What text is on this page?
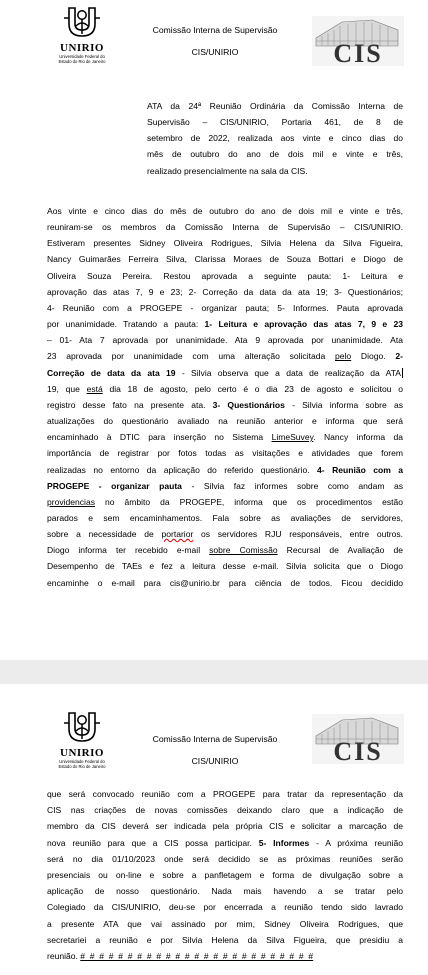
UNIRIO
Universidade Federal do
Estado do Rio de Janeiro
Comissão Interna de Supervisão
CIS/UNIRIO	CIS
ATA da 24ª Reunião Ordinária da Comissão Interna de
Supervisão – CIS/UNIRIO, Portaria 461, de 8 de
setembro de 2022, realizada aos vinte e cinco dias do
mês de outubro do ano de dois mil e vinte e três,
realizado presencialmente na sala da CIS.
Aos vinte e cinco dias do mês de outubro do ano de dois mil e vinte e três,
reuniram-se os membros da Comissão Interna de Supervisão – CIS/UNIRIO.
Estiveram presentes Sidney Oliveira Rodrigues, Silvia Helena da Silva Figueira,
Nancy Guimarães Ferreira Silva, Clarissa Moraes de Souza Bottari e Diogo de
Oliveira Souza Pereira. Restou aprovada a seguinte pauta: 1- Leitura e
aprovação das atas 7, 9 e 23; 2- Correção da data da ata 19; 3- Questionários;
4- Reunião com a PROGEPE - organizar pauta; 5- Informes. Pauta aprovada
por unanimidade. Tratando a pauta: 1- Leitura e aprovação das atas 7, 9 e 23
– 01- Ata 7 aprovada por unanimidade. Ata 9 aprovada por unanimidade. Ata
23 aprovada por unanimidade com uma alteração solicitada pelo Diogo. 2-
Correção de data da ata 19 - Silvia observa que a data de realização da ATA
19, que está dia 18 de agosto, pelo certo é o dia 23 de agosto e solicitou o
registro desse fato na presente ata. 3- Questionários - Silvia informa sobre as
atualizações do questionário avaliado na reunião anterior e informa que será
encaminhado à DTIC para inserção no Sistema LimeSuvey. Nancy informa da
importância de registrar por fotos todas as visitações e atividades que forem
realizadas no entorno da aplicação do referido questionário. 4- Reunião com a
PROGEPE - organizar pauta - Silvia faz informes sobre como andam as
providencias no âmbito da PROGEPE, informa que os procedimentos estão
parados e sem encaminhamentos. Fala sobre as avaliações de servidores,
sobre a necessidade de portarior os servidores RJU responsáveis, entre outros.
Diogo informa ter recebido e-mail sobre Comissão Recursal de Avaliação de
Desempenho de TAEs e fez a leitura desse e-mail. Silvia solicita que o Diogo
encaminhe o e-mail para cis@unirio.br para ciência de todos. Ficou decidido
UNIRIO
Universidade Federal do
Estado do Rio de Janeiro
Comissão Interna de Supervisão
CIS/UNIRIO	CIS
que será convocado reunião com a PROGEPE para tratar da representação da
CIS nas criações de novas comissões deixando claro que a indicação de
membro da CIS deverá ser indicada pela própria CIS e solicitar a marcação de
nova reunião para que a CIS possa participar. 5- Informes - A próxima reunião
será no dia 01/10/2023 onde será decidido se as próximas reuniões serão
presenciais ou on-line e sobre a panfletagem e forma de divulgação sobre a
aplicação de nosso questionário. Nada mais havendo a se tratar pelo
Colegiado da CIS/UNIRIO, deu-se por encerrada a reunião tendo sido lavrado
a presente ATA que vai assinado por mim, Sidney Oliveira Rodrigues, que
secretariei a reunião e por Silvia Helena da Silva Figueira, que presidiu a
reunião. #_#_#_#_#_#_#_#_#_#_#_#_#_#_#_#_#_#_#_#_#_#_#_#_#
